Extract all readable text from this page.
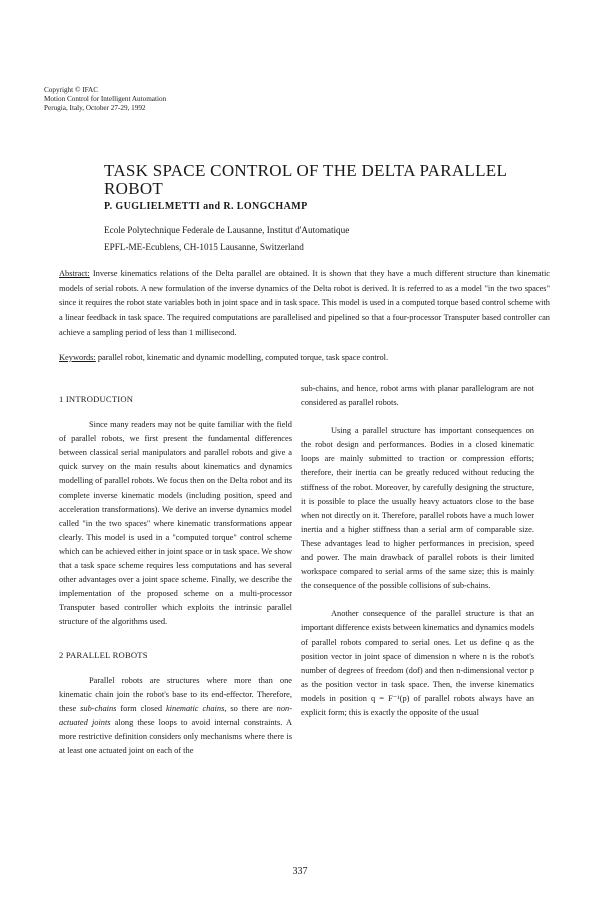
Copyright © IFAC
Motion Control for Intelligent Automation
Perugia, Italy, October 27-29, 1992
TASK SPACE CONTROL OF THE DELTA PARALLEL ROBOT
P. GUGLIELMETTI and R. LONGCHAMP
Ecole Polytechnique Federale de Lausanne, Institut d'Automatique
EPFL-ME-Ecublens, CH-1015 Lausanne, Switzerland
Abstract: Inverse kinematics relations of the Delta parallel are obtained. It is shown that they have a much different structure than kinematic models of serial robots. A new formulation of the inverse dynamics of the Delta robot is derived. It is referred to as a model "in the two spaces" since it requires the robot state variables both in joint space and in task space. This model is used in a computed torque based control scheme with a linear feedback in task space. The required computations are parallelised and pipelined so that a four-processor Transputer based controller can achieve a sampling period of less than 1 millisecond.
Keywords: parallel robot, kinematic and dynamic modelling, computed torque, task space control.

1 INTRODUCTION

Since many readers may not be quite familiar with the field of parallel robots, we first present the fundamental differences between classical serial manipulators and parallel robots and give a quick survey on the main results about kinematics and dynamics modelling of parallel robots. We focus then on the Delta robot and its complete inverse kinematic models (including position, speed and acceleration transformations). We derive an inverse dynamics model called "in the two spaces" where kinematic transformations appear clearly. This model is used in a "computed torque" control scheme which can be achieved either in joint space or in task space. We show that a task space scheme requires less computations and has several other advantages over a joint space scheme. Finally, we describe the implementation of the proposed scheme on a multi-processor Transputer based controller which exploits the intrinsic parallel structure of the algorithms used.

2 PARALLEL ROBOTS

Parallel robots are structures where more than one kinematic chain join the robot's base to its end-effector. Therefore, these sub-chains form closed kinematic chains, so there are non-actuated joints along these loops to avoid internal constraints. A more restrictive definition considers only mechanisms where there is at least one actuated joint on each of the

sub-chains, and hence, robot arms with planar parallelogram are not considered as parallel robots.

Using a parallel structure has important consequences on the robot design and performances. Bodies in a closed kinematic loops are mainly submitted to traction or compression efforts; therefore, their inertia can be greatly reduced without reducing the stiffness of the robot. Moreover, by carefully designing the structure, it is possible to place the usually heavy actuators close to the base when not directly on it. Therefore, parallel robots have a much lower inertia and a higher stiffness than a serial arm of comparable size. These advantages lead to higher performances in precision, speed and power. The main drawback of parallel robots is their limited workspace compared to serial arms of the same size; this is mainly the consequence of the possible collisions of sub-chains.

Another consequence of the parallel structure is that an important difference exists between kinematics and dynamics models of parallel robots compared to serial ones. Let us define q as the position vector in joint space of dimension n where n is the robot's number of degrees of freedom (dof) and then n-dimensional vector p as the position vector in task space. Then, the inverse kinematics models in position q = F⁻¹(p) of parallel robots always have an explicit form; this is exactly the opposite of the usual

337
